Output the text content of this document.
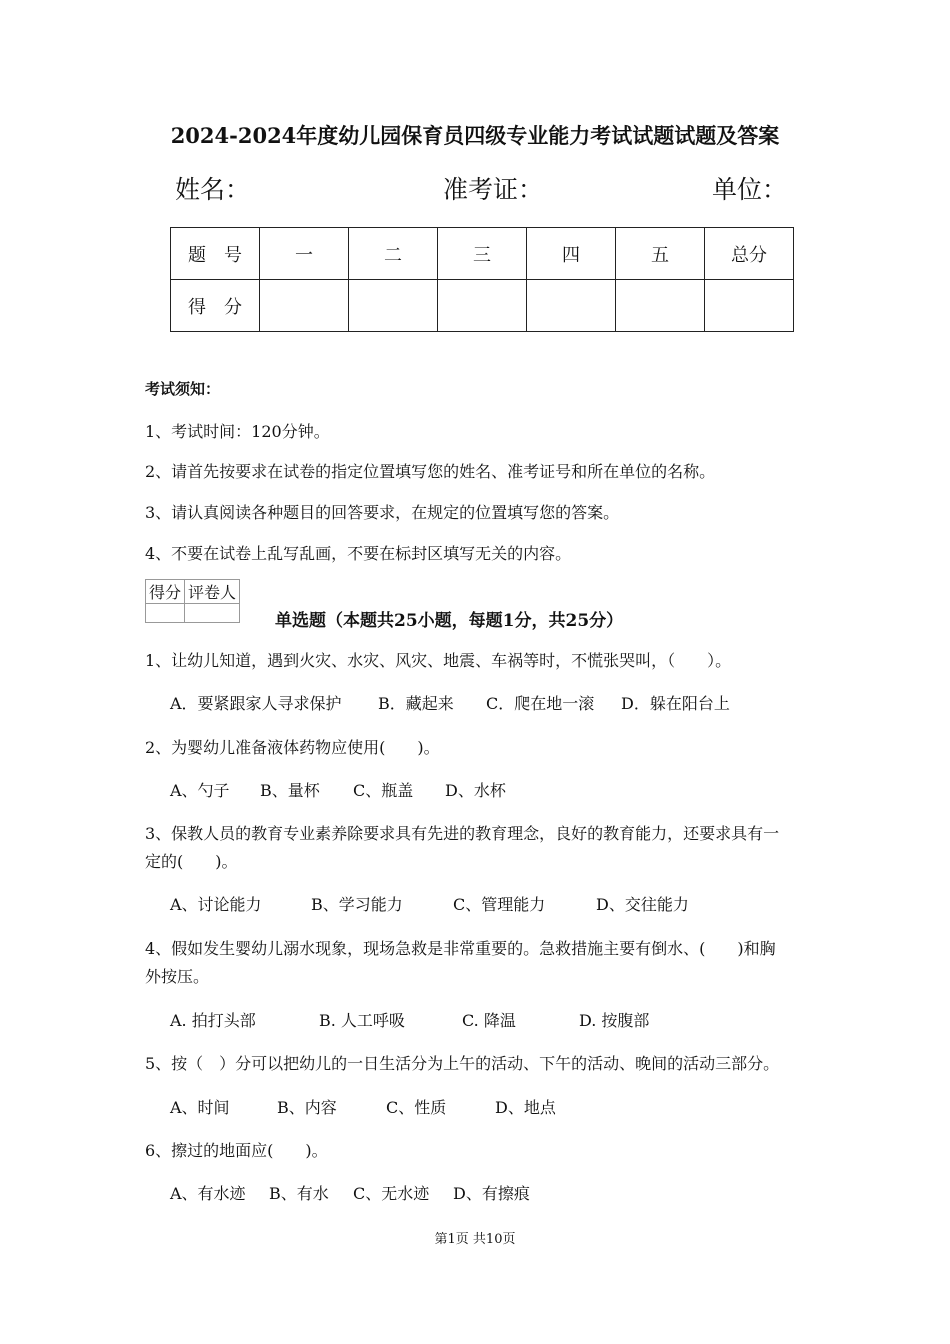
2024-2024年度幼儿园保育员四级专业能力考试试题试题及答案
姓名：	准考证：	单位：
题　号	一	二	三	四	五	总分
得　分						
考试须知：
1、考试时间：120分钟。
2、请首先按要求在试卷的指定位置填写您的姓名、准考证号和所在单位的名称。
3、请认真阅读各种题目的回答要求，在规定的位置填写您的答案。
4、不要在试卷上乱写乱画，不要在标封区填写无关的内容。
得分	评卷人

单选题（本题共25小题，每题1分，共25分）
1、让幼儿知道，遇到火灾、水灾、风灾、地震、车祸等时，不慌张哭叫，（　　）。
A．要紧跟家人寻求保护 B．藏起来 C．爬在地一滚 D．躲在阳台上
2、为婴幼儿准备液体药物应使用(　　)。
A、勺子 B、量杯 C、瓶盖 D、水杯
3、保教人员的教育专业素养除要求具有先进的教育理念，良好的教育能力，还要求具有一
定的(　　)。
A、讨论能力	B、学习能力	C、管理能力	D、交往能力
4、假如发生婴幼儿溺水现象，现场急救是非常重要的。急救措施主要有倒水、(　　)和胸
外按压。
A. 拍打头部	B. 人工呼吸	C. 降温	D. 按腹部
5、按（　）分可以把幼儿的一日生活分为上午的活动、下午的活动、晚间的活动三部分。
A、时间	B、内容	C、性质	D、地点
6、擦过的地面应(　　)。
A、有水迹 B、有水 C、无水迹 D、有擦痕
第1页 共10页
